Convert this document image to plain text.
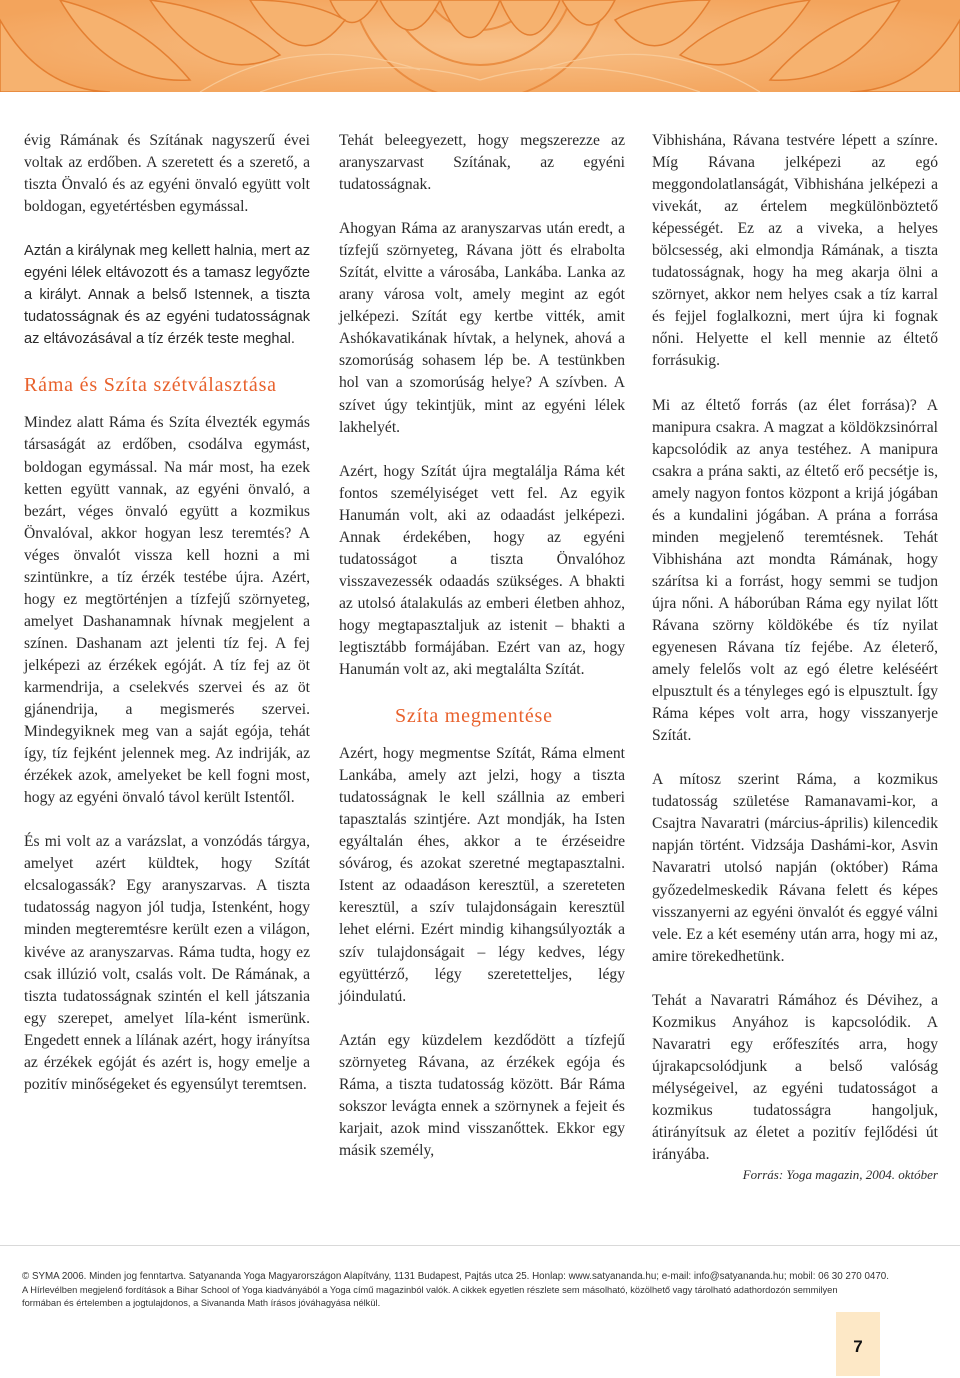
évig Rámának és Szítának nagyszerű évei voltak az erdőben. A szeretett és a szerető, a tiszta Önvaló és az egyéni önvaló együtt volt boldogan, egyetértésben egymással.

Aztán a királynak meg kellett halnia, mert az egyéni lélek eltávozott és a tamasz legyőzte a királyt. Annak a belső Istennek, a tiszta tudatosságnak és az egyéni tudatosságnak az eltávozásával a tíz érzék teste meghal.

Ráma és Szíta szétválasztása

Mindez alatt Ráma és Szíta élvezték egymás társaságát az erdőben, csodálva egymást, boldogan egymással. Na már most, ha ezek ketten együtt vannak, az egyéni önvaló, a bezárt, véges önvaló együtt a kozmikus Önvalóval, akkor hogyan lesz teremtés? A véges önvalót vissza kell hozni a mi szintünkre, a tíz érzék testébe újra. Azért, hogy ez megtörténjen a tízfejű szörnyeteg, amelyet Dashanamnak hívnak megjelent a színen. Dashanam azt jelenti tíz fej. A fej jelképezi az érzékek egóját. A tíz fej az öt karmendrija, a cselekvés szervei és az öt gjánendrija, a megismerés szervei. Mindegyiknek meg van a saját egója, tehát így, tíz fejként jelennek meg. Az indriják, az érzékek azok, amelyeket be kell fogni most, hogy az egyéni önvaló távol került Istentől.

És mi volt az a varázslat, a vonzódás tárgya, amelyet azért küldtek, hogy Szítát elcsalogassák? Egy aranyszarvas. A tiszta tudatosság nagyon jól tudja, Istenként, hogy minden megteremtésre került ezen a világon, kivéve az aranyszarvas. Ráma tudta, hogy ez csak illúzió volt, csalás volt. De Rámának, a tiszta tudatosságnak szintén el kell játszania egy szerepet, amelyet líla-ként ismerünk. Engedett ennek a lílának azért, hogy irányítsa az érzékek egóját és azért is, hogy emelje a pozitív minőségeket és egyensúlyt teremtsen.

Tehát beleegyezett, hogy megszerezze az aranyszarvast Szítának, az egyéni tudatosságnak.

Ahogyan Ráma az aranyszarvas után eredt, a tízfejű szörnyeteg, Rávana jött és elrabolta Szítát, elvitte a városába, Lankába. Lanka az arany városa volt, amely megint az egót jelképezi. Szítát egy kertbe vitték, amit Ashókavatikának hívtak, a helynek, ahová a szomorúság sohasem lép be. A testünkben hol van a szomorúság helye? A szívben. A szívet úgy tekintjük, mint az egyéni lélek lakhelyét.

Azért, hogy Szítát újra megtalálja Ráma két fontos személyiséget vett fel. Az egyik Hanumán volt, aki az odaadást jelképezi. Annak érdekében, hogy az egyéni tudatosságot a tiszta Önvalóhoz visszavezessék odaadás szükséges. A bhakti az utolsó átalakulás az emberi életben ahhoz, hogy megtapasztaljuk az istenit – bhakti a legtisztább formájában. Ezért van az, hogy Hanumán volt az, aki megtalálta Szítát.

Szíta megmentése

Azért, hogy megmentse Szítát, Ráma elment Lankába, amely azt jelzi, hogy a tiszta tudatosságnak le kell szállnia az emberi tapasztalás szintjére. Azt mondják, ha Isten egyáltalán éhes, akkor a te érzéseidre sóvárog, és azokat szeretné megtapasztalni. Istent az odaadáson keresztül, a szereteten keresztül, a szív tulajdonságain keresztül lehet elérni. Ezért mindig kihangsúlyozták a szív tulajdonságait – légy kedves, légy együttérző, légy szeretetteljes, légy jóindulatú.

Aztán egy küzdelem kezdődött a tízfejű szörnyeteg Rávana, az érzékek egója és Ráma, a tiszta tudatosság között. Bár Ráma sokszor levágta ennek a szörnynek a fejeit és karjait, azok mind visszanőttek. Ekkor egy másik személy,

Vibhishána, Rávana testvére lépett a színre. Míg Rávana jelképezi az egó meggondolatlanságát, Vibhishána jelképezi a vivekát, az értelem megkülönböztető képességét. Ez az a viveka, a helyes bölcsesség, aki elmondja Rámának, a tiszta tudatosságnak, hogy ha meg akarja ölni a szörnyet, akkor nem helyes csak a tíz karral és fejjel foglalkozni, mert újra ki fognak nőni. Helyette el kell mennie az éltető forrásukig.

Mi az éltető forrás (az élet forrása)? A manipura csakra. A magzat a köldökzsinórral kapcsolódik az anya testéhez. A manipura csakra a prána sakti, az éltető erő pecsétje is, amely nagyon fontos központ a krijá jógában és a kundalini jógában. A prána a forrása minden megjelenő teremtésnek. Tehát Vibhishána azt mondta Rámának, hogy szárítsa ki a forrást, hogy semmi se tudjon újra nőni. A háborúban Ráma egy nyilat lőtt Rávana szörny köldökébe és tíz nyilat egyenesen Rávana tíz fejébe. Az életerő, amely felelős volt az egó életre keléséért elpusztult és a tényleges egó is elpusztult. Így Ráma képes volt arra, hogy visszanyerje Szítát.

A mítosz szerint Ráma, a kozmikus tudatosság születése Ramanavami-kor, a Csajtra Navaratri (március-április) kilencedik napján történt. Vidzsája Dashámi-kor, Asvin Navaratri utolsó napján (október) Ráma győzedelmeskedik Rávana felett és képes visszanyerni az egyéni önvalót és eggyé válni vele. Ez a két esemény után arra, hogy mi az, amire törekedhetünk.

Tehát a Navaratri Rámához és Dévihez, a Kozmikus Anyához is kapcsolódik. A Navaratri egy erőfeszítés arra, hogy újrakapcsolódjunk a belső valóság mélységeivel, az egyéni tudatosságot a kozmikus tudatosságra hangoljuk, átirányítsuk az életet a pozitív fejlődési út irányába.

Forrás: Yoga magazin, 2004. október

© SYMA 2006. Minden jog fenntartva. Satyananda Yoga Magyarországon Alapítvány, 1131 Budapest, Pajtás utca 25. Honlap: www.satyananda.hu; e-mail: info@satyananda.hu; mobil: 06 30 270 0470.
A Hírlevélben megjelenő fordítások a Bihar School of Yoga kiadványából a Yoga című magazinból valók. A cikkek egyetlen részlete sem másolható, közölhető vagy tárolható adathordozón semmilyen
formában és értelemben a jogtulajdonos, a Sivananda Math írásos jóváhagyása nélkül.
7
